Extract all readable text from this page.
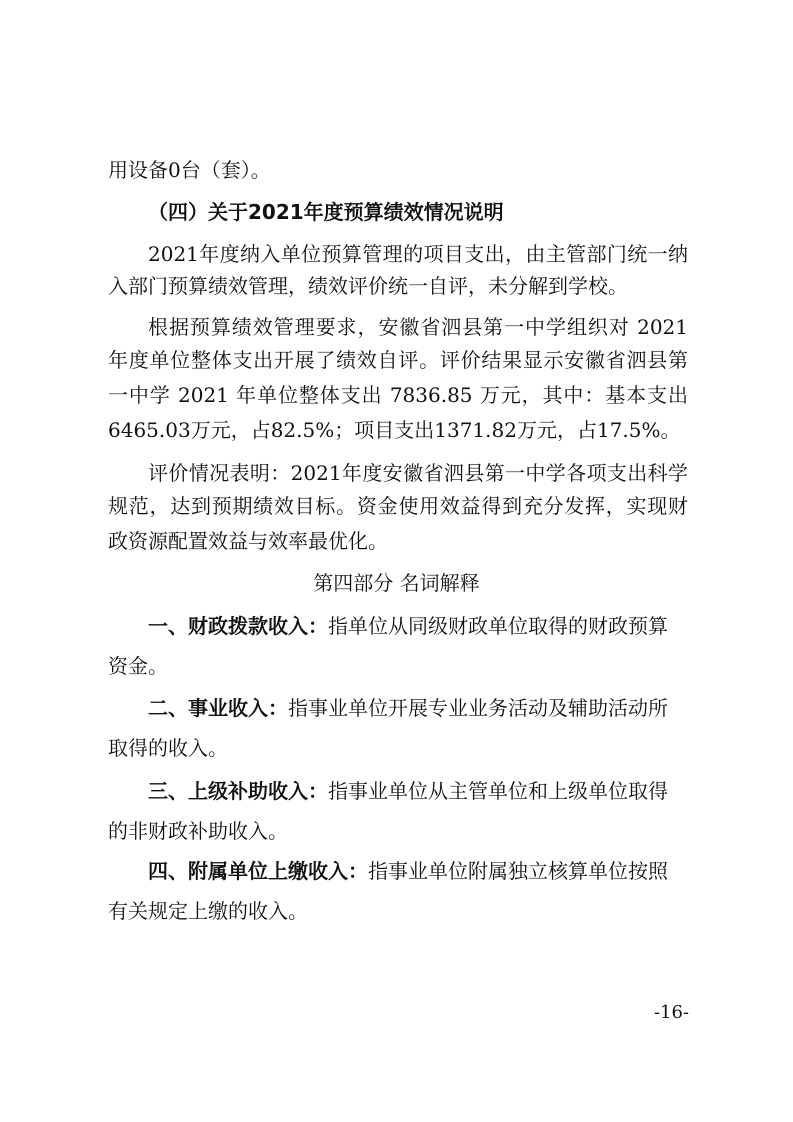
用设备0台（套）。
（四）关于2021年度预算绩效情况说明
2021年度纳入单位预算管理的项目支出，由主管部门统一纳
入部门预算绩效管理，绩效评价统一自评，未分解到学校。
根据预算绩效管理要求，安徽省泗县第一中学组织对 2021
年度单位整体支出开展了绩效自评。评价结果显示安徽省泗县第
一中学 2021 年单位整体支出 7836.85 万元，其中：基本支出
6465.03万元，占82.5%；项目支出1371.82万元，占17.5%。
评价情况表明：2021年度安徽省泗县第一中学各项支出科学
规范，达到预期绩效目标。资金使用效益得到充分发挥，实现财
政资源配置效益与效率最优化。
第四部分 名词解释
一、财政拨款收入：指单位从同级财政单位取得的财政预算
资金。
二、事业收入：指事业单位开展专业业务活动及辅助活动所
取得的收入。
三、上级补助收入：指事业单位从主管单位和上级单位取得
的非财政补助收入。
四、附属单位上缴收入：指事业单位附属独立核算单位按照
有关规定上缴的收入。
-16-
